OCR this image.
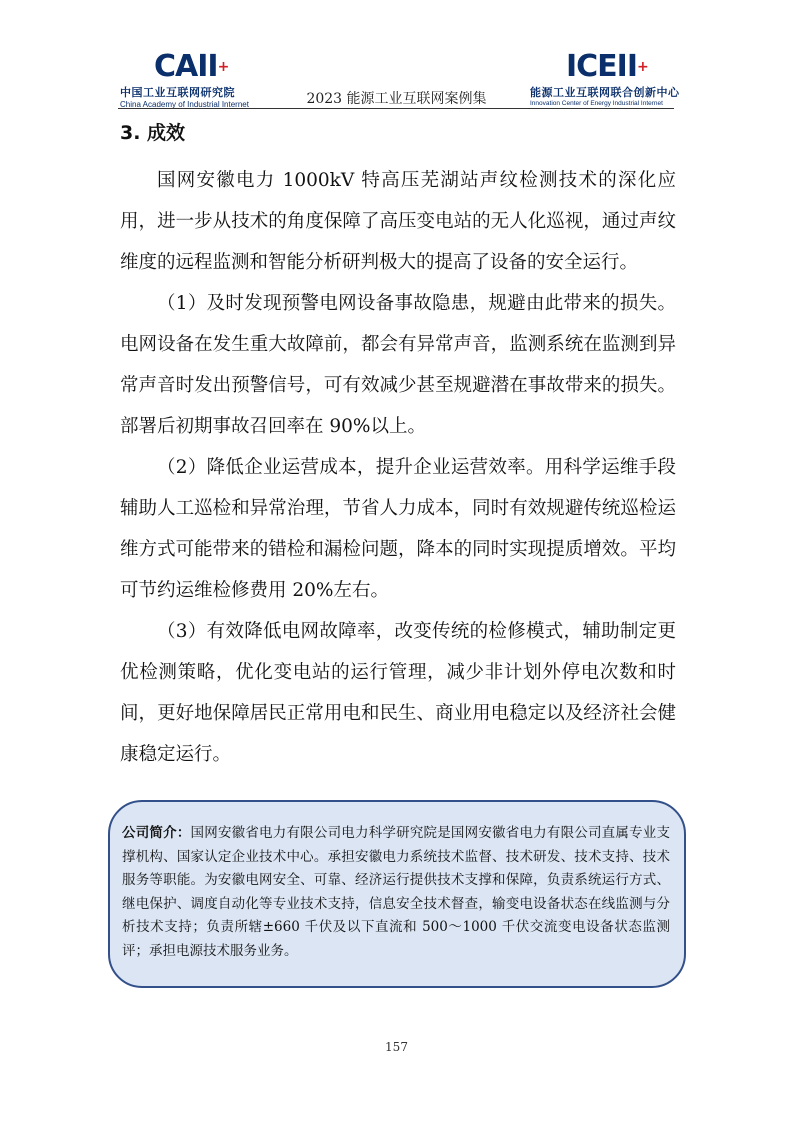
CAII+
中国工业互联网研究院
China Academy of Industrial Internet	2023 能源工业互联网案例集
ICEII+
能源工业互联网联合创新中心
Innovation Center of Energy Industrial Internet
3. 成效

国网安徽电力 1000kV 特高压芜湖站声纹检测技术的深化应用，进一步从技术的角度保障了高压变电站的无人化巡视，通过声纹维度的远程监测和智能分析研判极大的提高了设备的安全运行。

（1）及时发现预警电网设备事故隐患，规避由此带来的损失。电网设备在发生重大故障前，都会有异常声音，监测系统在监测到异常声音时发出预警信号，可有效减少甚至规避潜在事故带来的损失。部署后初期事故召回率在 90%以上。

（2）降低企业运营成本，提升企业运营效率。用科学运维手段辅助人工巡检和异常治理，节省人力成本，同时有效规避传统巡检运维方式可能带来的错检和漏检问题，降本的同时实现提质增效。平均可节约运维检修费用 20%左右。

（3）有效降低电网故障率，改变传统的检修模式，辅助制定更优检测策略，优化变电站的运行管理，减少非计划外停电次数和时间，更好地保障居民正常用电和民生、商业用电稳定以及经济社会健康稳定运行。

公司简介：国网安徽省电力有限公司电力科学研究院是国网安徽省电力有限公司直属专业支撑机构、国家认定企业技术中心。承担安徽电力系统技术监督、技术研发、技术支持、技术服务等职能。为安徽电网安全、可靠、经济运行提供技术支撑和保障，负责系统运行方式、继电保护、调度自动化等专业技术支持，信息安全技术督查，输变电设备状态在线监测与分析技术支持；负责所辖±660 千伏及以下直流和 500～1000 千伏交流变电设备状态监测评；承担电源技术服务业务。

157
